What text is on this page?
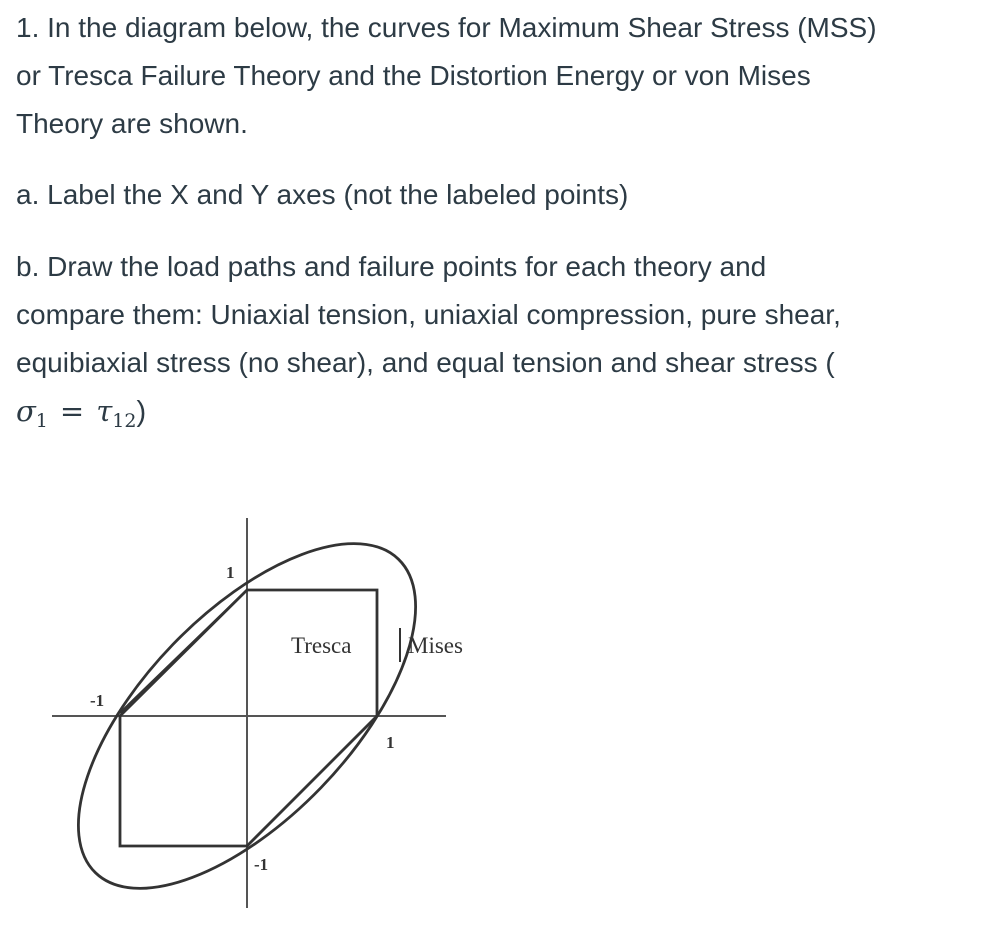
1. In the diagram below, the curves for Maximum Shear Stress (MSS)
or Tresca Failure Theory and the Distortion Energy or von Mises
Theory are shown.
a. Label the X and Y axes (not the labeled points)
b. Draw the load paths and failure points for each theory and
compare them: Uniaxial tension, uniaxial compression, pure shear,
equibiaxial stress (no shear), and equal tension and shear stress (
$\sigma_1 = \tau_{12}$)
1
-1
1
-1
Tresca Mises
